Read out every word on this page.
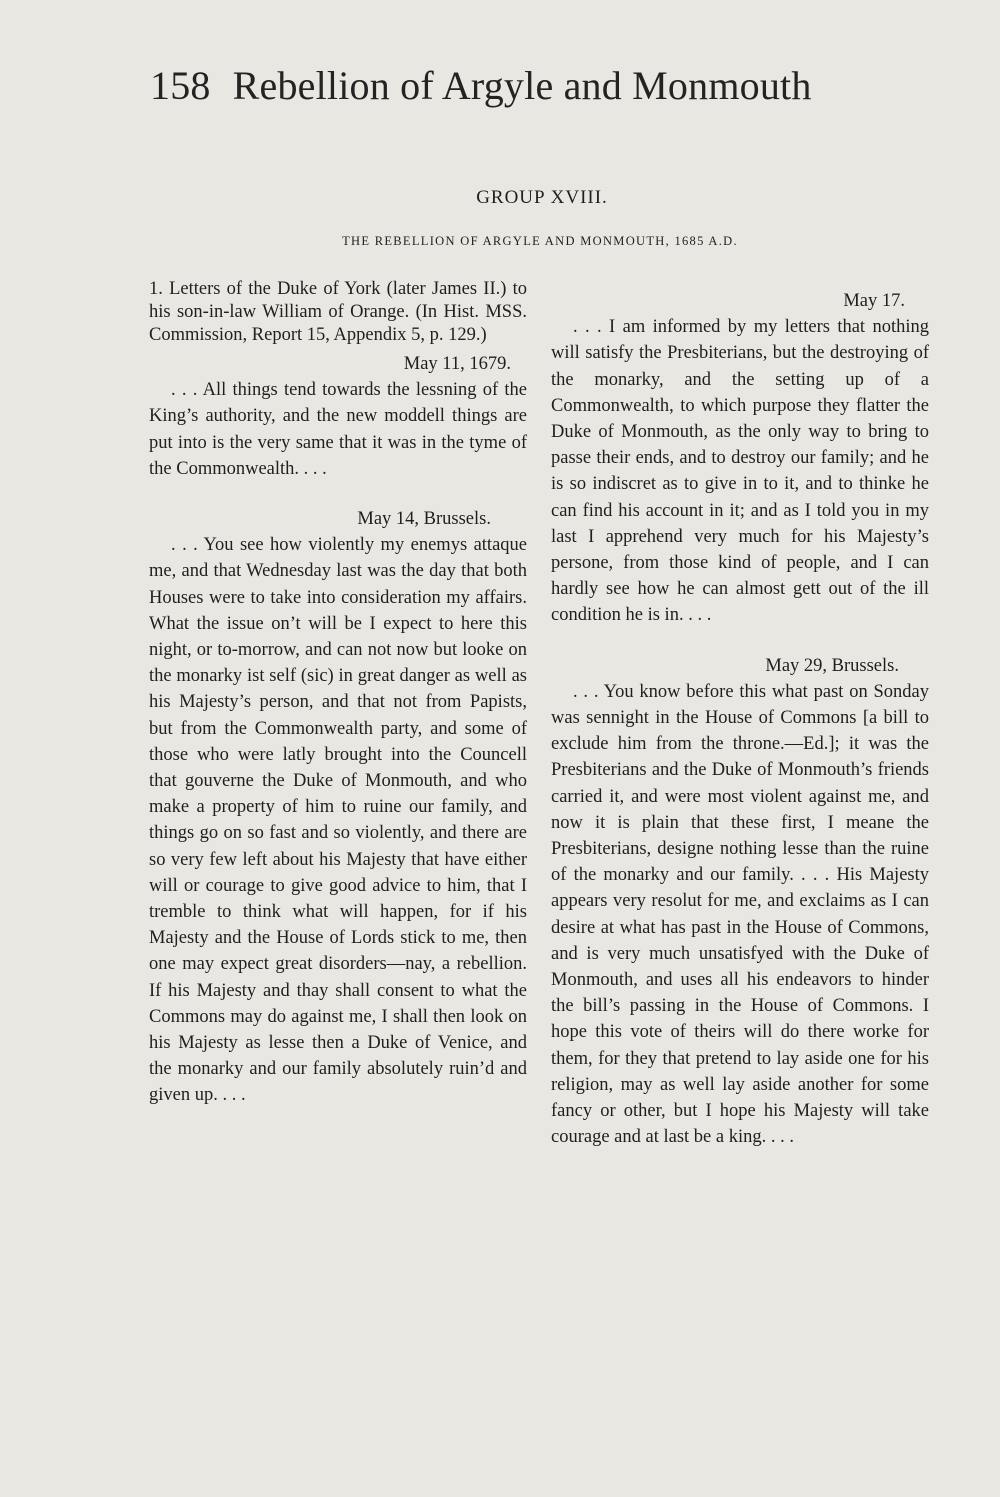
158 Rebellion of Argyle and Monmouth
GROUP XVIII.
THE REBELLION OF ARGYLE AND MONMOUTH, 1685 A.D.

1. Letters of the Duke of York (later James II.) to his son-in-law William of Orange. (In Hist. MSS. Commission, Report 15, Appendix 5, p. 129.)

May 11, 1679.

. . . All things tend towards the lessning of the King’s authority, and the new moddell things are put into is the very same that it was in the tyme of the Commonwealth. . . .

May 14, Brussels.

. . . You see how violently my enemys attaque me, and that Wednesday last was the day that both Houses were to take into consideration my affairs. What the issue on’t will be I expect to here this night, or to-morrow, and can not now but looke on the monarky ist self (sic) in great danger as well as his Majesty’s person, and that not from Papists, but from the Commonwealth party, and some of those who were latly brought into the Councell that gouverne the Duke of Monmouth, and who make a property of him to ruine our family, and things go on so fast and so violently, and there are so very few left about his Majesty that have either will or courage to give good advice to him, that I tremble to think what will happen, for if his Majesty and the House of Lords stick to me, then one may expect great disorders—nay, a rebellion. If his Majesty and thay shall consent to what the Commons may do against me, I shall then look on his Majesty as lesse then a Duke of Venice, and the monarky and our family absolutely ruin’d and given up. . . .

May 17.

. . . I am informed by my letters that nothing will satisfy the Presbiterians, but the destroying of the monarky, and the setting up of a Commonwealth, to which purpose they flatter the Duke of Monmouth, as the only way to bring to passe their ends, and to destroy our family; and he is so indiscret as to give in to it, and to thinke he can find his account in it; and as I told you in my last I apprehend very much for his Majesty’s persone, from those kind of people, and I can hardly see how he can almost gett out of the ill condition he is in. . . .

May 29, Brussels.

. . . You know before this what past on Sonday was sennight in the House of Commons [a bill to exclude him from the throne.—Ed.]; it was the Presbiterians and the Duke of Monmouth’s friends carried it, and were most violent against me, and now it is plain that these first, I meane the Presbiterians, designe nothing lesse than the ruine of the monarky and our family. . . . His Majesty appears very resolut for me, and exclaims as I can desire at what has past in the House of Commons, and is very much unsatisfyed with the Duke of Monmouth, and uses all his endeavors to hinder the bill’s passing in the House of Commons. I hope this vote of theirs will do there worke for them, for they that pretend to lay aside one for his religion, may as well lay aside another for some fancy or other, but I hope his Majesty will take courage and at last be a king. . . .
